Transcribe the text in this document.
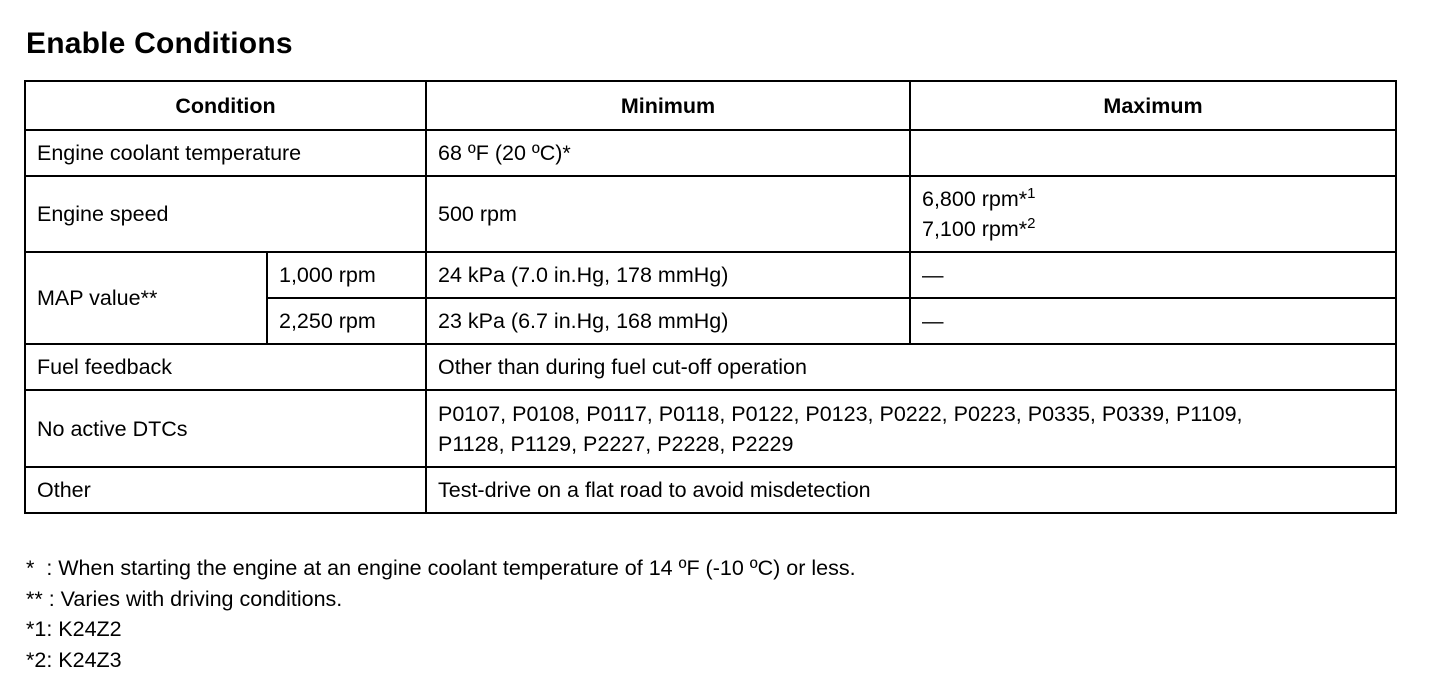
Enable Conditions
Condition		Minimum	Maximum
Engine coolant temperature		68 ºF (20 ºC)*	
Engine speed		500 rpm	6,800 rpm*$^1$
7,100 rpm*$^2$

MAP value**	1,000 rpm	24 kPa (7.0 in.Hg, 178 mmHg)	—
	2,250 rpm	23 kPa (6.7 in.Hg, 168 mmHg)	—
Fuel feedback		Other than during fuel cut-off operation	
No active DTCs		P0107, P0108, P0117, P0118, P0122, P0123, P0222, P0223, P0335, P0339, P1109,
P1128, P1129, P2227, P2228, P2229	

Other		Test-drive on a flat road to avoid misdetection	
*  : When starting the engine at an engine coolant temperature of 14 ºF (-10 ºC) or less.
** : Varies with driving conditions.
*1: K24Z2
*2: K24Z3
